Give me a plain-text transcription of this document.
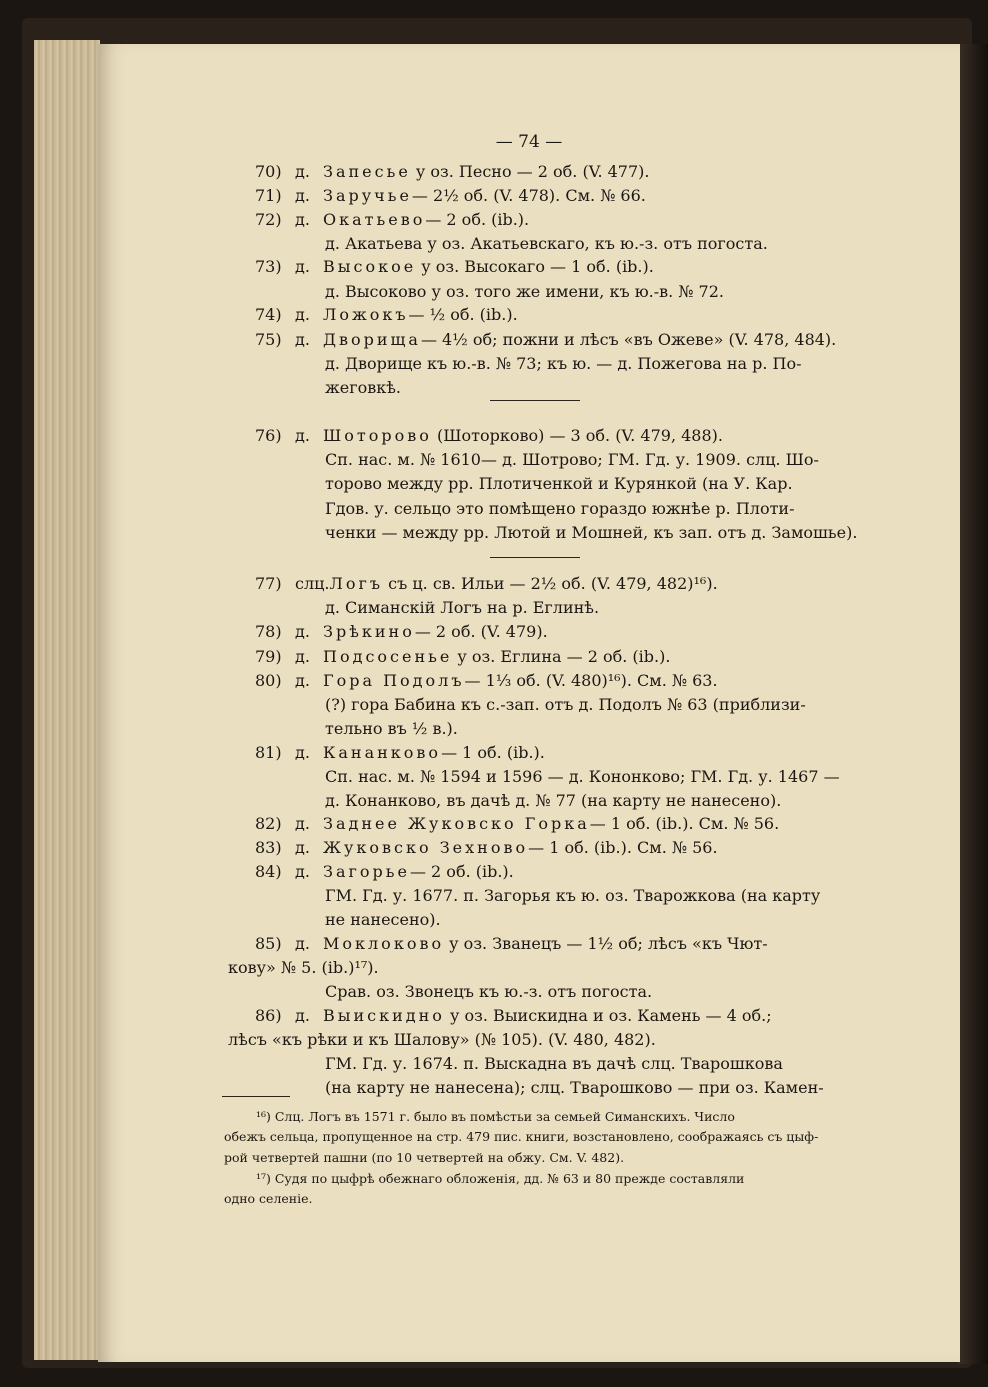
— 74 —
70) д. Запесье у оз. Песно — 2 об. (V. 477).
71) д. Заручье— 2½ об. (V. 478). См. № 66.
72) д. Окатьево— 2 об. (ib.).
д. Акатьева у оз. Акатьевскаго, къ ю.-з. отъ погоста.
73) д. Высокое у оз. Высокаго — 1 об. (ib.).
д. Высоково у оз. того же имени, къ ю.-в. № 72.
74) д. Ложокъ— ½ об. (ib.).
75) д. Дворища— 4½ об; пожни и лѣсъ «въ Ожеве» (V. 478, 484).
д. Дворище къ ю.-в. № 73; къ ю. — д. Пожегова на р. По-
жеговкѣ.
76) д. Шоторово (Шоторково) — 3 об. (V. 479, 488).
Сп. нас. м. № 1610— д. Шотрово; ГМ. Гд. у. 1909. слц. Шо-
торово между рр. Плотиченкой и Курянкой (на У. Кар.
Гдов. у. сельцо это помѣщено гораздо южнѣе р. Плоти-
ченки — между рр. Лютой и Мошней, къ зап. отъ д. Замошье).
77) слц.Логъ съ ц. св. Ильи — 2½ об. (V. 479, 482)¹⁶).
д. Симанскій Логъ на р. Еглинѣ.
78) д. Зрѣкино— 2 об. (V. 479).
79) д. Подсосенье у оз. Еглина — 2 об. (ib.).
80) д. Гора Подолъ— 1⅓ об. (V. 480)¹⁶). См. № 63.
(?) гора Бабина къ с.-зап. отъ д. Подолъ № 63 (приблизи-
тельно въ ½ в.).
81) д. Кананково— 1 об. (ib.).
Сп. нас. м. № 1594 и 1596 — д. Кононково; ГМ. Гд. у. 1467 —
д. Конанково, въ дачѣ д. № 77 (на карту не нанесено).
82) д. Заднее Жуковско Горка— 1 об. (ib.). См. № 56.
83) д. Жуковско Зехново— 1 об. (ib.). См. № 56.
84) д. Загорье— 2 об. (ib.).
ГМ. Гд. у. 1677. п. Загорья къ ю. оз. Тварожкова (на карту
не нанесено).
85) д. Моклоково у оз. Званецъ — 1½ об; лѣсъ «къ Чют-
кову» № 5. (ib.)¹⁷).
Срав. оз. Звонецъ къ ю.-з. отъ погоста.
86) д. Выискидно у оз. Выискидна и оз. Камень — 4 об.;
лѣсъ «къ рѣки и къ Шалову» (№ 105). (V. 480, 482).
ГМ. Гд. у. 1674. п. Выскадна въ дачѣ слц. Тварошкова
(на карту не нанесена); слц. Тварошково — при оз. Камен-
¹⁶) Слц. Логъ въ 1571 г. было въ помѣстьи за семьей Симанскихъ. Число
обежъ сельца, пропущенное на стр. 479 пис. книги, возстановлено, соображаясь съ цыф-
рой четвертей пашни (по 10 четвертей на обжу. См. V. 482).
¹⁷) Судя по цыфрѣ обежнаго обложенія, дд. № 63 и 80 прежде составляли
одно селеніе.
